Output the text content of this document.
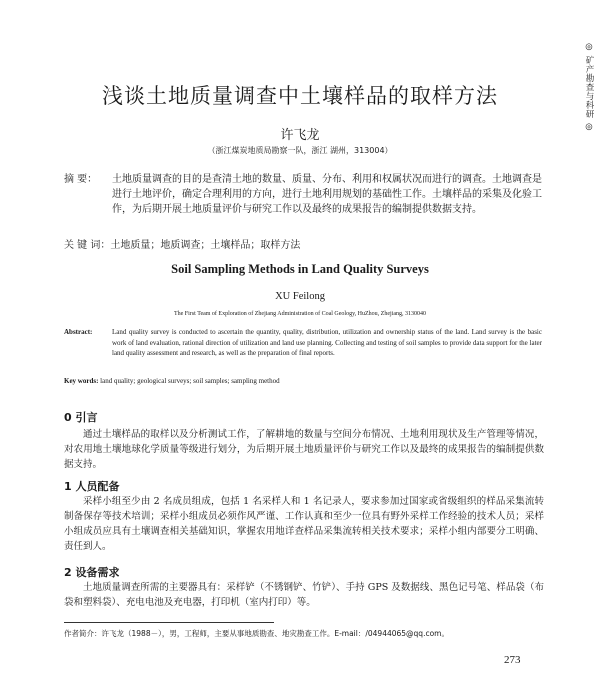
◎ 矿产勘查与科研 ◎
浅谈土地质量调查中土壤样品的取样方法
许飞龙
（浙江煤炭地质局勘察一队，浙江 湖州，313004）
摘 要：	土地质量调查的目的是查清土地的数量、质量、分布、利用和权属状况而进行的调查。土地调查是进行土地评价，确定合理利用的方向，进行土地利用规划的基础性工作。土壤样品的采集及化验工作，为后期开展土地质量评价与研究工作以及最终的成果报告的编制提供数据支持。
关 键 词：土地质量；地质调查；土壤样品；取样方法
Soil Sampling Methods in Land Quality Surveys
XU Feilong
The First Team of Exploration of Zhejiang Administration of Coal Geology, HuZhou, Zhejiang, 3130040
Abstract:	Land quality survey is conducted to ascertain the quantity, quality, distribution, utilization and ownership status of the land. Land survey is the basic work of land evaluation, rational direction of utilization and land use planning. Collecting and testing of soil samples to provide data support for the later land quality assessment and research, as well as the preparation of final reports.
Key words: land quality; geological surveys; soil samples; sampling method
0 引言
通过土壤样品的取样以及分析测试工作，了解耕地的数量与空间分布情况、土地利用现状及生产管理等情况，对农用地土壤地球化学质量等级进行划分，为后期开展土地质量评价与研究工作以及最终的成果报告的编制提供数据支持。
1 人员配备
采样小组至少由 2 名成员组成，包括 1 名采样人和 1 名记录人，要求参加过国家或省级组织的样品采集流转制备保存等技术培训；采样小组成员必须作风严谨、工作认真和至少一位具有野外采样工作经验的技术人员；采样小组成员应具有土壤调查相关基础知识，掌握农用地详查样品采集流转相关技术要求；采样小组内部要分工明确、责任到人。
2 设备需求
土地质量调查所需的主要器具有：采样铲（不锈钢铲、竹铲）、手持 GPS 及数据线、黑色记号笔、样品袋（布袋和塑料袋）、充电电池及充电器，打印机（室内打印）等。
作者简介：许飞龙（1988－），男，工程师，主要从事地质勘查、地灾勘查工作。E-mail：/04944065@qq.com。
273
